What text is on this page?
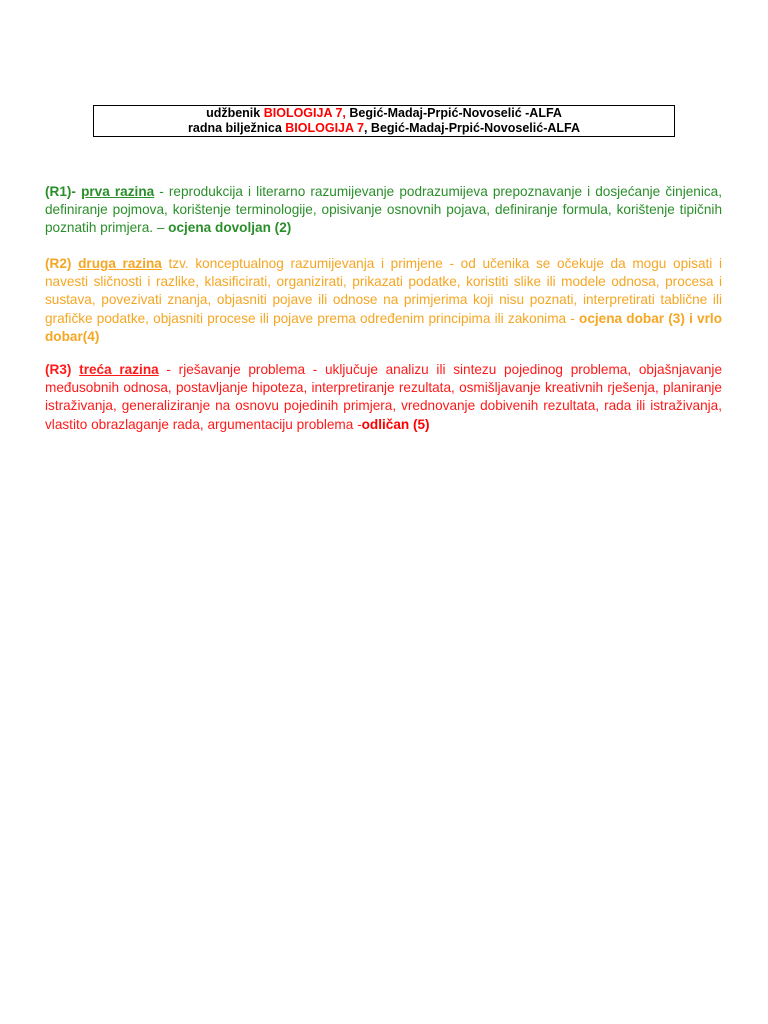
udžbenik BIOLOGIJA 7, Begić-Madaj-Prpić-Novoselić -ALFA
radna bilježnica BIOLOGIJA 7, Begić-Madaj-Prpić-Novoselić-ALFA
(R1)- prva razina - reprodukcija i literarno razumijevanje podrazumijeva prepoznavanje i dosjećanje činjenica, definiranje pojmova, korištenje terminologije, opisivanje osnovnih pojava, definiranje formula, korištenje tipičnih poznatih primjera. – ocjena dovoljan (2)
(R2) druga razina tzv. konceptualnog razumijevanja i primjene - od učenika se očekuje da mogu opisati i navesti sličnosti i razlike, klasificirati, organizirati, prikazati podatke, koristiti slike ili modele odnosa, procesa i sustava, povezivati znanja, objasniti pojave ili odnose na primjerima koji nisu poznati, interpretirati tablične ili grafičke podatke, objasniti procese ili pojave prema određenim principima ili zakonima - ocjena dobar (3) i vrlo dobar(4)
(R3) treća razina - rješavanje problema - uključuje analizu ili sintezu pojedinog problema, objašnjavanje međusobnih odnosa, postavljanje hipoteza, interpretiranje rezultata, osmišljavanje kreativnih rješenja, planiranje istraživanja, generaliziranje na osnovu pojedinih primjera, vrednovanje dobivenih rezultata, rada ili istraživanja, vlastito obrazlaganje rada, argumentaciju problema -odličan (5)
